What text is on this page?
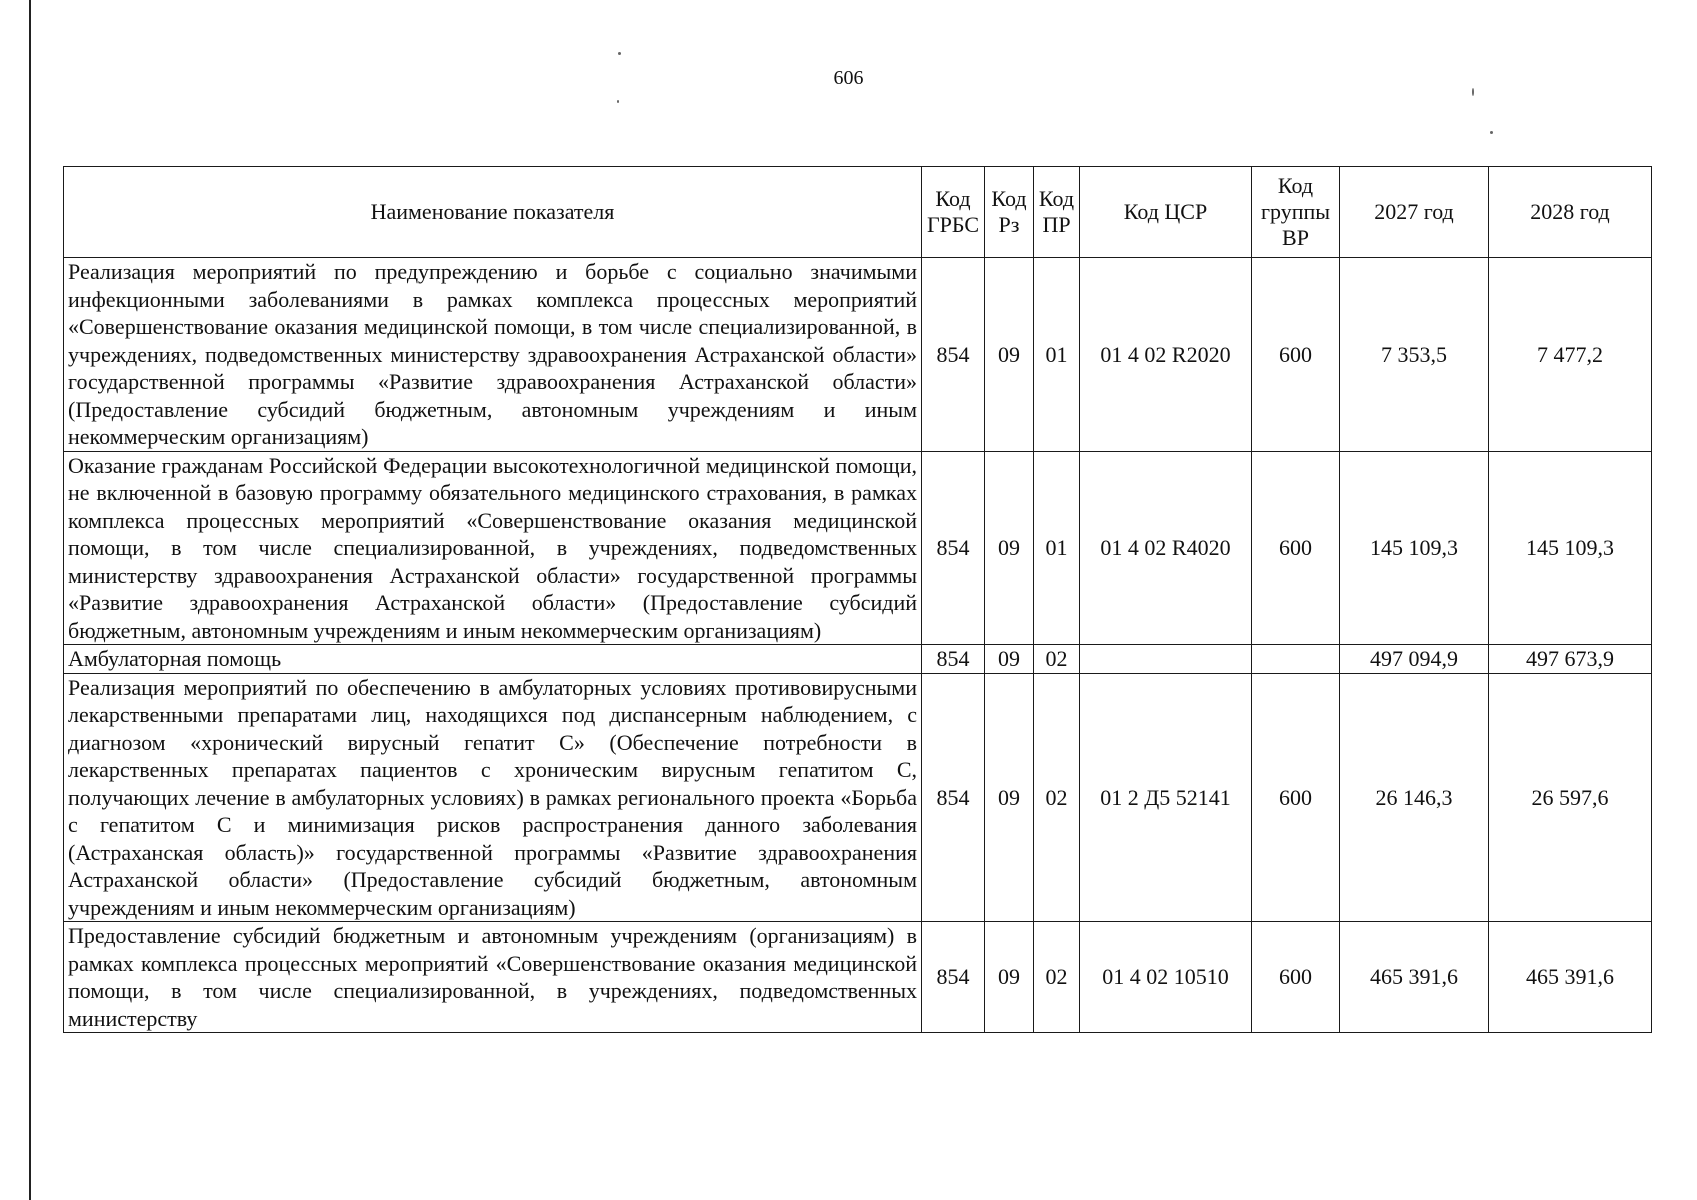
606
Наименование показателя	Код ГРБС	Код Рз	Код ПР	Код ЦСР	Код группы ВР	2027 год	2028 год
Реализация мероприятий по предупреждению и борьбе с социально значимыми инфекционными заболеваниями в рамках комплекса процессных мероприятий «Совершенствование оказания медицинской помощи, в том числе специализированной, в учреждениях, подведомственных министерству здравоохранения Астраханской области» государственной программы «Развитие здравоохранения Астраханской области» (Предоставление субсидий бюджетным, автономным учреждениям и иным некоммерческим организациям)	854	09	01	01 4 02 R2020	600	7 353,5	7 477,2
Оказание гражданам Российской Федерации высокотехнологичной медицинской помощи, не включенной в базовую программу обязательного медицинского страхования, в рамках комплекса процессных мероприятий «Совершенствование оказания медицинской помощи, в том числе специализированной, в учреждениях, подведомственных министерству здравоохранения Астраханской области» государственной программы «Развитие здравоохранения Астраханской области» (Предоставление субсидий бюджетным, автономным учреждениям и иным некоммерческим организациям)	854	09	01	01 4 02 R4020	600	145 109,3	145 109,3
Амбулаторная помощь	854	09	02			497 094,9	497 673,9
Реализация мероприятий по обеспечению в амбулаторных условиях противовирусными лекарственными препаратами лиц, находящихся под диспансерным наблюдением, с диагнозом «хронический вирусный гепатит С» (Обеспечение потребности в лекарственных препаратах пациентов с хроническим вирусным гепатитом С, получающих лечение в амбулаторных условиях) в рамках регионального проекта «Борьба с гепатитом С и минимизация рисков распространения данного заболевания (Астраханская область)» государственной программы «Развитие здравоохранения Астраханской области» (Предоставление субсидий бюджетным, автономным учреждениям и иным некоммерческим организациям)	854	09	02	01 2 Д5 52141	600	26 146,3	26 597,6
Предоставление субсидий бюджетным и автономным учреждениям (организациям) в рамках комплекса процессных мероприятий «Совершенствование оказания медицинской помощи, в том числе специализированной, в учреждениях, подведомственных министерству	854	09	02	01 4 02 10510	600	465 391,6	465 391,6
